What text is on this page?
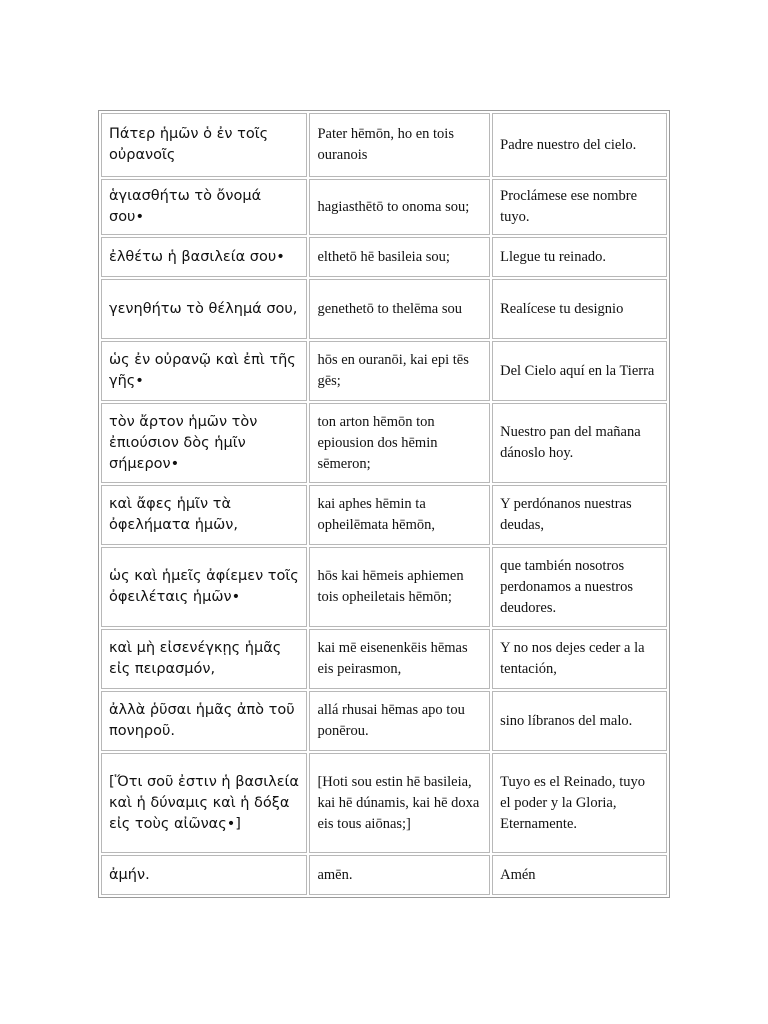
Πάτερ ἡμῶν ὁ ἐν τοῖς οὐρανοῖς	Pater hēmōn, ho en tois ouranois	Padre nuestro del cielo.
ἁγιασθήτω τὸ ὄνομά σου•	hagiasthētō to onoma sou;	Proclámese ese nombre tuyo.
ἐλθέτω ἡ βασιλεία σου•	elthetō hē basileia sou;	Llegue tu reinado.
γενηθήτω τὸ θέλημά σου,	genethetō to thelēma sou	Realícese tu designio
ὡς ἐν οὐρανῷ καὶ ἐπὶ τῆς γῆς•	hōs en ouranōi, kai epi tēs gēs;	Del Cielo aquí en la Tierra
τὸν ἄρτον ἡμῶν τὸν ἐπιούσιον δὸς ἡμῖν σήμερον•	ton arton hēmōn ton epiousion dos hēmin sēmeron;	Nuestro pan del mañana dánoslo hoy.
καὶ ἄφες ἡμῖν τὰ ὀφελήματα ἡμῶν,	kai aphes hēmin ta opheilēmata hēmōn,	Y perdónanos nuestras deudas,
ὡς καὶ ἡμεῖς ἀφίεμεν τοῖς ὀφειλέταις ἡμῶν•	hōs kai hēmeis aphiemen tois opheiletais hēmōn;	que también nosotros perdonamos a nuestros deudores.
καὶ μὴ εἰσενέγκῃς ἡμᾶς εἰς πειρασμόν,	kai mē eisenenkēis hēmas eis peirasmon,	Y no nos dejes ceder a la tentación,
ἀλλὰ ῥῦσαι ἡμᾶς ἀπὸ τοῦ πονηροῦ.	allá rhusai hēmas apo tou ponērou.	sino líbranos del malo.
[Ὅτι σοῦ ἐστιν ἡ βασιλεία καὶ ἡ δύναμις καὶ ἡ δόξα εἰς τοὺς αἰῶνας•]	[Hoti sou estin hē basileia, kai hē dúnamis, kai hē doxa eis tous aiōnas;]	Tuyo es el Reinado, tuyo el poder y la Gloria, Eternamente.
ἀμήν.	amēn.	Amén
